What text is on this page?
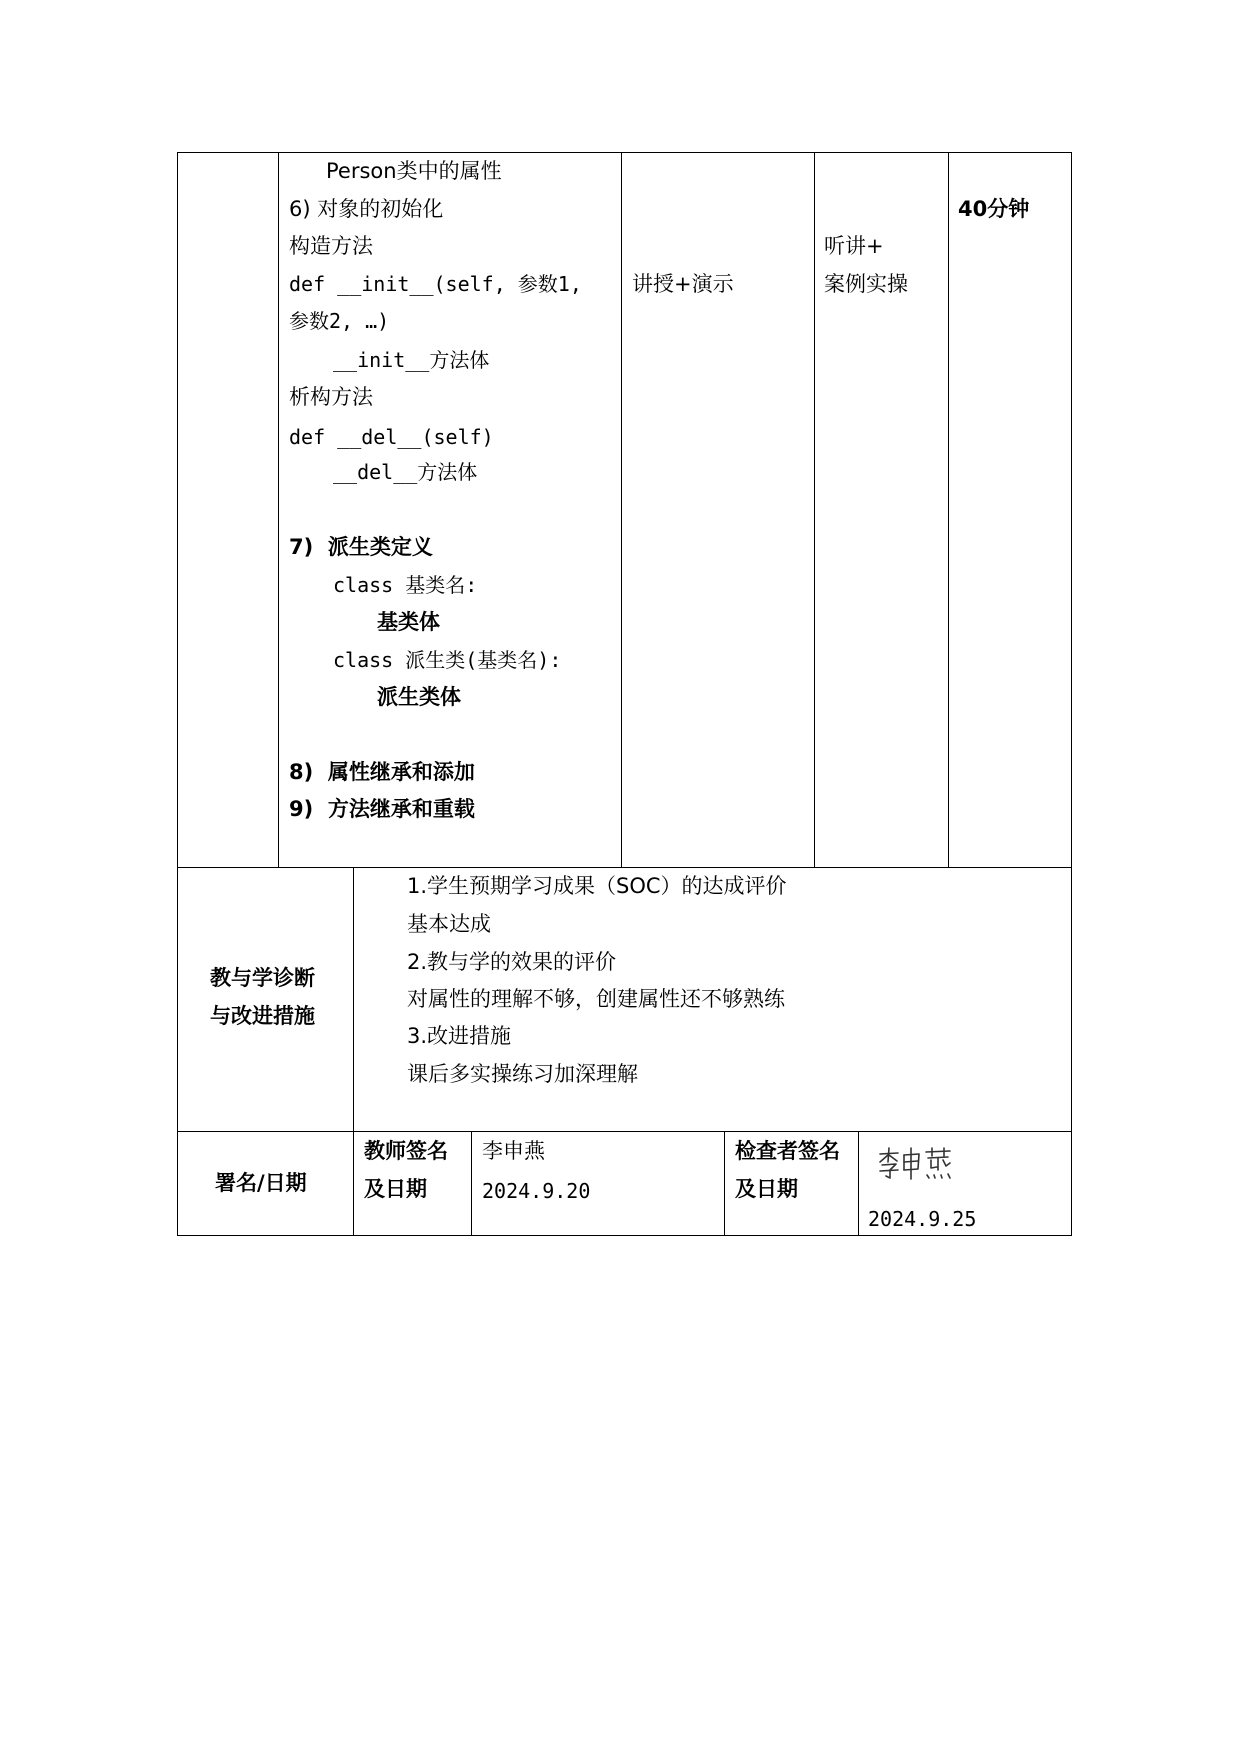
Person类中的属性
6) 对象的初始化
构造方法
def __init__(self, 参数1,
参数2, …)
__init__方法体
析构方法
def __del__(self)
__del__方法体
7)  派生类定义
class 基类名:
基类体
class 派生类(基类名):
派生类体
8)  属性继承和添加
9)  方法继承和重载
讲授+演示
听讲+
案例实操
40分钟
教与学诊断
与改进措施
1.学生预期学习成果（SOC）的达成评价
基本达成
2.教与学的效果的评价
对属性的理解不够，创建属性还不够熟练
3.改进措施
课后多实操练习加深理解
署名/日期
教师签名
及日期
李申燕
2024.9.20
检查者签名
及日期
2024.9.25
